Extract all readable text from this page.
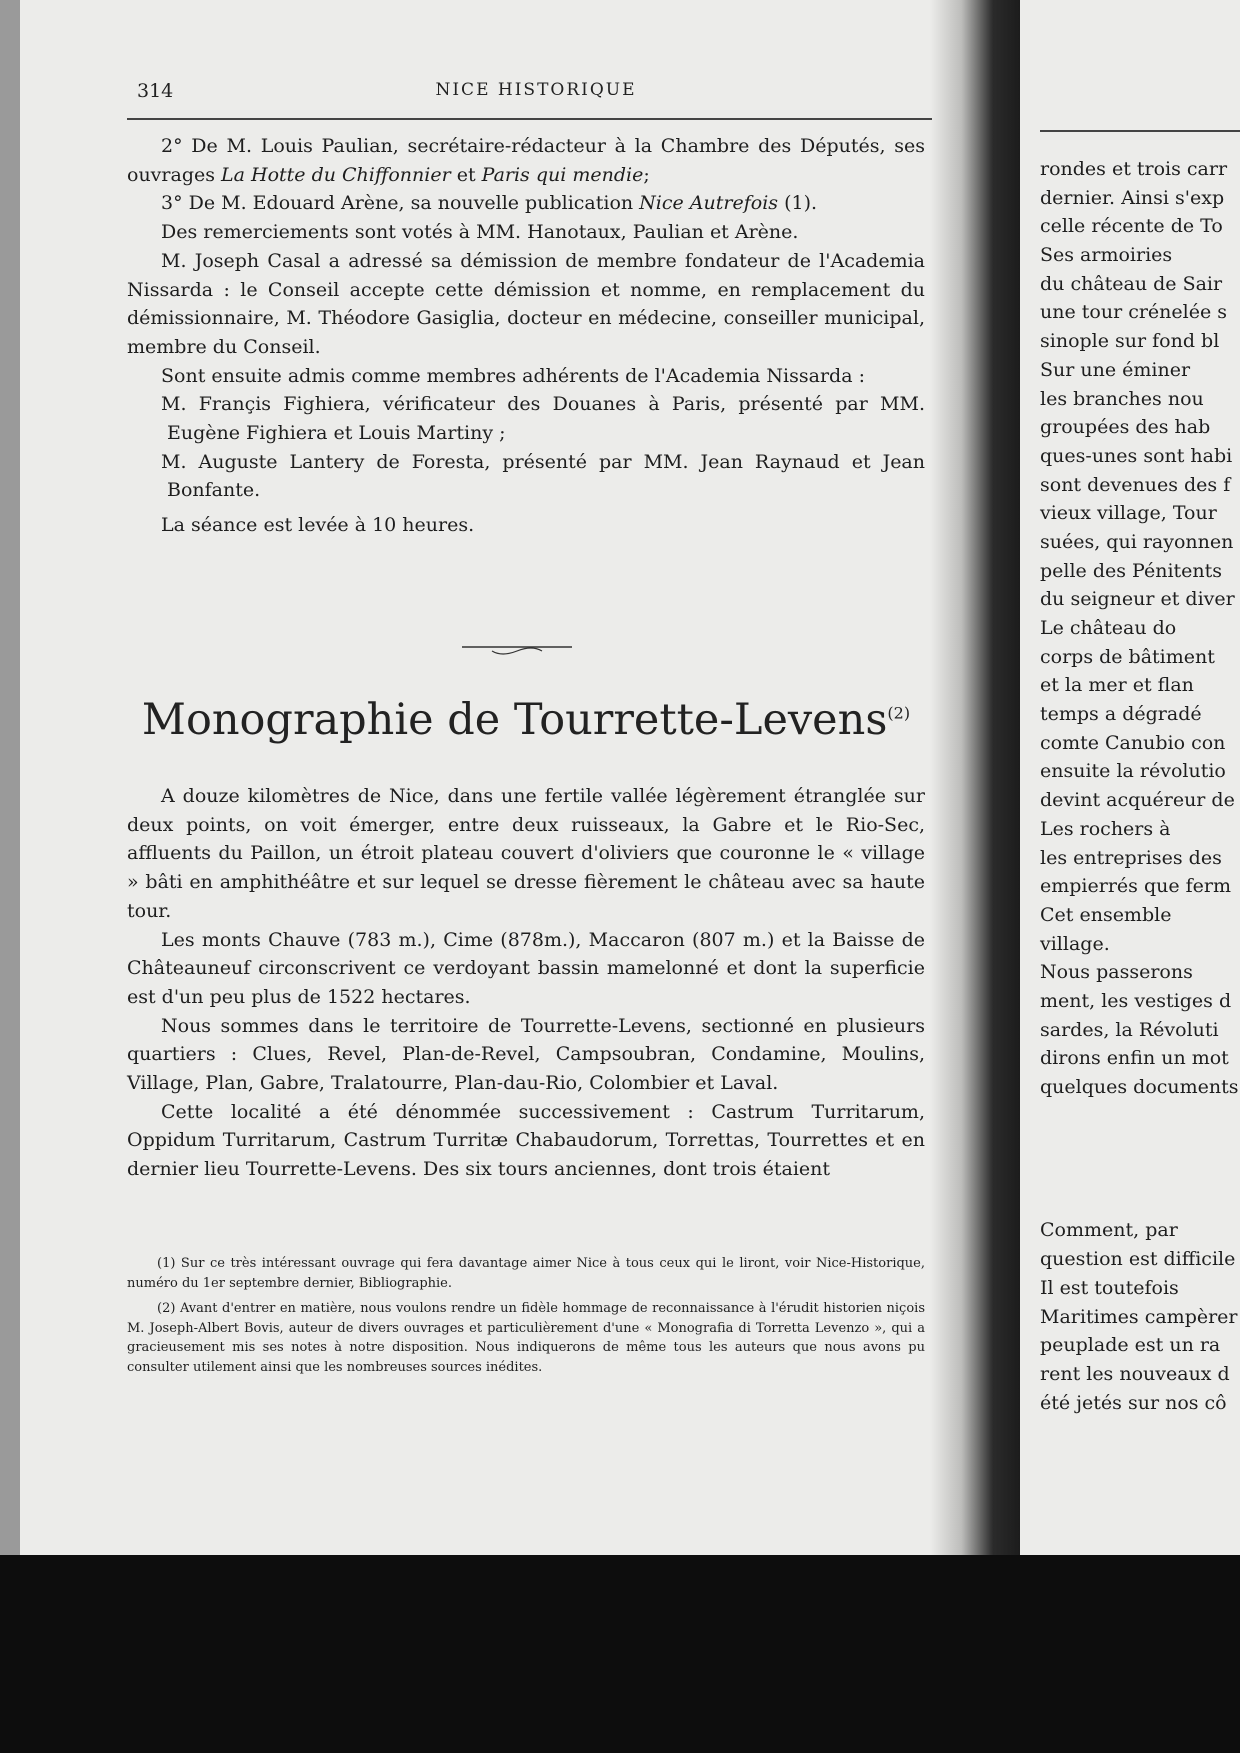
rondes et trois carr
dernier. Ainsi s'exp
celle récente de To
Ses armoiries
du château de Sair
une tour crénelée s
sinople sur fond bl
Sur une éminer
les branches nou
groupées des hab
ques-unes sont habi
sont devenues des f
vieux village, Tour
suées, qui rayonnen
pelle des Pénitents
du seigneur et diver
Le château do
corps de bâtiment
et la mer et flan
temps a dégradé
comte Canubio con
ensuite la révolutio
devint acquéreur de
Les rochers à
les entreprises des
empierrés que ferm
Cet ensemble
village.
Nous passerons
ment, les vestiges d
sardes, la Révoluti
dirons enfin un mot
quelques documents
Comment, par
question est difficile
Il est toutefois
Maritimes campèrer
peuplade est un ra
rent les nouveaux d
été jetés sur nos cô
314	NICE HISTORIQUE

2° De M. Louis Paulian, secrétaire-rédacteur à la Chambre des Députés, ses ouvrages La Hotte du Chiffonnier et Paris qui mendie;

3° De M. Edouard Arène, sa nouvelle publication Nice Autrefois (1).

Des remerciements sont votés à MM. Hanotaux, Paulian et Arène.

M. Joseph Casal a adressé sa démission de membre fondateur de l'Academia Nissarda : le Conseil accepte cette démission et nomme, en remplacement du démissionnaire, M. Théodore Gasiglia, docteur en médecine, conseiller municipal, membre du Conseil.

Sont ensuite admis comme membres adhérents de l'Academia Nissarda :

M. Françis Fighiera, vérificateur des Douanes à Paris, présenté par MM. Eugène Fighiera et Louis Martiny ;

M. Auguste Lantery de Foresta, présenté par MM. Jean Raynaud et Jean Bonfante.

La séance est levée à 10 heures.

Monographie de Tourrette-Levens$^{(2)}$

A douze kilomètres de Nice, dans une fertile vallée légèrement étranglée sur deux points, on voit émerger, entre deux ruisseaux, la Gabre et le Rio-Sec, affluents du Paillon, un étroit plateau couvert d'oliviers que couronne le « village » bâti en amphithéâtre et sur lequel se dresse fièrement le château avec sa haute tour.

Les monts Chauve (783 m.), Cime (878m.), Maccaron (807 m.) et la Baisse de Châteauneuf circonscrivent ce verdoyant bassin mamelonné et dont la superficie est d'un peu plus de 1522 hectares.

Nous sommes dans le territoire de Tourrette-Levens, sectionné en plusieurs quartiers : Clues, Revel, Plan-de-Revel, Campsoubran, Condamine, Moulins, Village, Plan, Gabre, Tralatourre, Plan-dau-Rio, Colombier et Laval.

Cette localité a été dénommée successivement : Castrum Turritarum, Oppidum Turritarum, Castrum Turritæ Chabaudorum, Torrettas, Tourrettes et en dernier lieu Tourrette-Levens. Des six tours anciennes, dont trois étaient

(1) Sur ce très intéressant ouvrage qui fera davantage aimer Nice à tous ceux qui le liront, voir Nice-Historique, numéro du 1er septembre dernier, Bibliographie.

(2) Avant d'entrer en matière, nous voulons rendre un fidèle hommage de reconnaissance à l'érudit historien niçois M. Joseph-Albert Bovis, auteur de divers ouvrages et particulièrement d'une « Monografia di Torretta Levenzo », qui a gracieusement mis ses notes à notre disposition. Nous indiquerons de même tous les auteurs que nous avons pu consulter utilement ainsi que les nombreuses sources inédites.
